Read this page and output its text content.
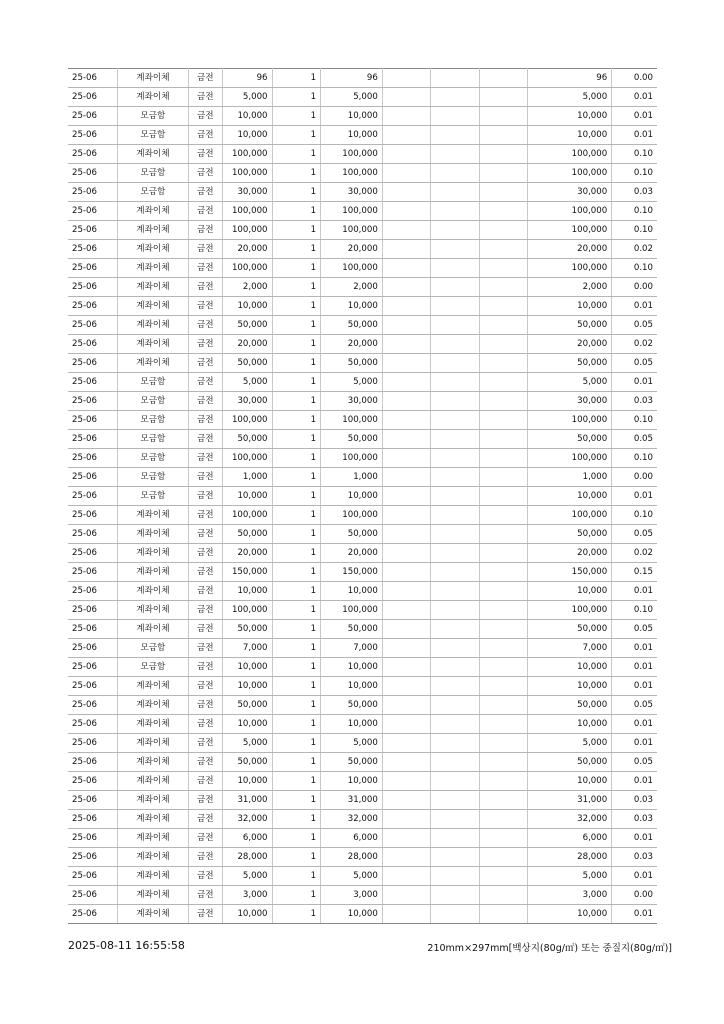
25-06	계좌이체	금전	96	1	96				96	0.00
25-06	계좌이체	금전	5,000	1	5,000				5,000	0.01
25-06	모금함	금전	10,000	1	10,000				10,000	0.01
25-06	모금함	금전	10,000	1	10,000				10,000	0.01
25-06	계좌이체	금전	100,000	1	100,000				100,000	0.10
25-06	모금함	금전	100,000	1	100,000				100,000	0.10
25-06	모금함	금전	30,000	1	30,000				30,000	0.03
25-06	계좌이체	금전	100,000	1	100,000				100,000	0.10
25-06	계좌이체	금전	100,000	1	100,000				100,000	0.10
25-06	계좌이체	금전	20,000	1	20,000				20,000	0.02
25-06	계좌이체	금전	100,000	1	100,000				100,000	0.10
25-06	계좌이체	금전	2,000	1	2,000				2,000	0.00
25-06	계좌이체	금전	10,000	1	10,000				10,000	0.01
25-06	계좌이체	금전	50,000	1	50,000				50,000	0.05
25-06	계좌이체	금전	20,000	1	20,000				20,000	0.02
25-06	계좌이체	금전	50,000	1	50,000				50,000	0.05
25-06	모금함	금전	5,000	1	5,000				5,000	0.01
25-06	모금함	금전	30,000	1	30,000				30,000	0.03
25-06	모금함	금전	100,000	1	100,000				100,000	0.10
25-06	모금함	금전	50,000	1	50,000				50,000	0.05
25-06	모금함	금전	100,000	1	100,000				100,000	0.10
25-06	모금함	금전	1,000	1	1,000				1,000	0.00
25-06	모금함	금전	10,000	1	10,000				10,000	0.01
25-06	계좌이체	금전	100,000	1	100,000				100,000	0.10
25-06	계좌이체	금전	50,000	1	50,000				50,000	0.05
25-06	계좌이체	금전	20,000	1	20,000				20,000	0.02
25-06	계좌이체	금전	150,000	1	150,000				150,000	0.15
25-06	계좌이체	금전	10,000	1	10,000				10,000	0.01
25-06	계좌이체	금전	100,000	1	100,000				100,000	0.10
25-06	계좌이체	금전	50,000	1	50,000				50,000	0.05
25-06	모금함	금전	7,000	1	7,000				7,000	0.01
25-06	모금함	금전	10,000	1	10,000				10,000	0.01
25-06	계좌이체	금전	10,000	1	10,000				10,000	0.01
25-06	계좌이체	금전	50,000	1	50,000				50,000	0.05
25-06	계좌이체	금전	10,000	1	10,000				10,000	0.01
25-06	계좌이체	금전	5,000	1	5,000				5,000	0.01
25-06	계좌이체	금전	50,000	1	50,000				50,000	0.05
25-06	계좌이체	금전	10,000	1	10,000				10,000	0.01
25-06	계좌이체	금전	31,000	1	31,000				31,000	0.03
25-06	계좌이체	금전	32,000	1	32,000				32,000	0.03
25-06	계좌이체	금전	6,000	1	6,000				6,000	0.01
25-06	계좌이체	금전	28,000	1	28,000				28,000	0.03
25-06	계좌이체	금전	5,000	1	5,000				5,000	0.01
25-06	계좌이체	금전	3,000	1	3,000				3,000	0.00
25-06	계좌이체	금전	10,000	1	10,000				10,000	0.01
2025-08-11 16:55:58	210mm×297mm[백상지(80g/㎡) 또는 중질지(80g/㎡)]
